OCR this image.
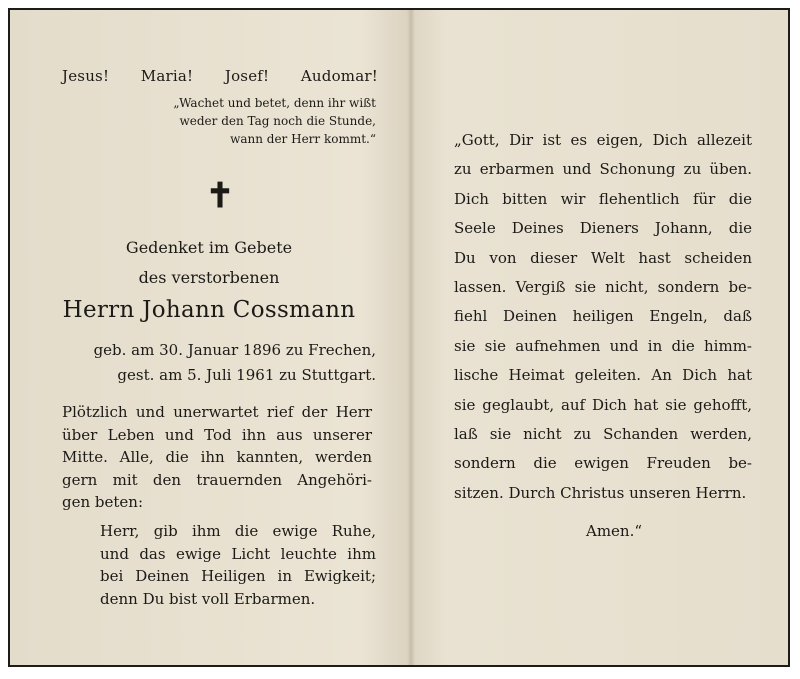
Jesus! Maria! Josef! Audomar!
„Wachet und betet, denn ihr wißt
weder den Tag noch die Stunde,
wann der Herr kommt.“
✝
Gedenket im Gebete
des verstorbenen
Herrn Johann Cossmann
geb. am 30. Januar 1896 zu Frechen,
gest. am 5. Juli 1961 zu Stuttgart.
Plötzlich und unerwartet rief der Herr
über Leben und Tod ihn aus unserer
Mitte. Alle, die ihn kannten, werden
gern mit den trauernden Angehöri-
gen beten:
Herr, gib ihm die ewige Ruhe,
und das ewige Licht leuchte ihm
bei Deinen Heiligen in Ewigkeit;
denn Du bist voll Erbarmen.
„Gott, Dir ist es eigen, Dich allezeit
zu erbarmen und Schonung zu üben.
Dich bitten wir flehentlich für die
Seele Deines Dieners Johann, die
Du von dieser Welt hast scheiden
lassen. Vergiß sie nicht, sondern be-
fiehl Deinen heiligen Engeln, daß
sie sie aufnehmen und in die himm-
lische Heimat geleiten. An Dich hat
sie geglaubt, auf Dich hat sie gehofft,
laß sie nicht zu Schanden werden,
sondern die ewigen Freuden be-
sitzen. Durch Christus unseren Herrn.
Amen.“
